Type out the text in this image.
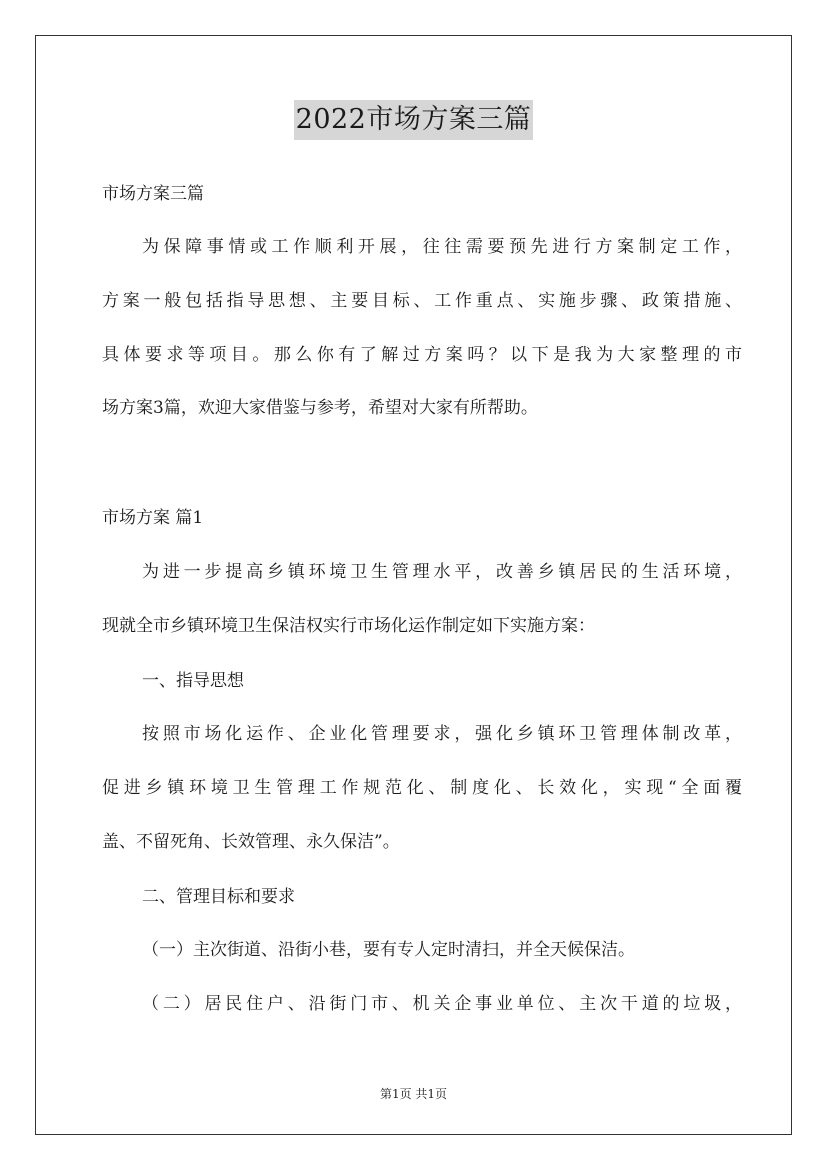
2022市场方案三篇
市场方案三篇
为保障事情或工作顺利开展，往往需要预先进行方案制定工作，
方案一般包括指导思想、主要目标、工作重点、实施步骤、政策措施、
具体要求等项目。那么你有了解过方案吗？以下是我为大家整理的市
场方案3篇，欢迎大家借鉴与参考，希望对大家有所帮助。
市场方案 篇1
为进一步提高乡镇环境卫生管理水平，改善乡镇居民的生活环境，
现就全市乡镇环境卫生保洁权实行市场化运作制定如下实施方案：
一、指导思想
按照市场化运作、企业化管理要求，强化乡镇环卫管理体制改革，
促进乡镇环境卫生管理工作规范化、制度化、长效化，实现“全面覆
盖、不留死角、长效管理、永久保洁”。
二、管理目标和要求
（一）主次街道、沿街小巷，要有专人定时清扫，并全天候保洁。
（二）居民住户、沿街门市、机关企事业单位、主次干道的垃圾，
第1页 共1页
